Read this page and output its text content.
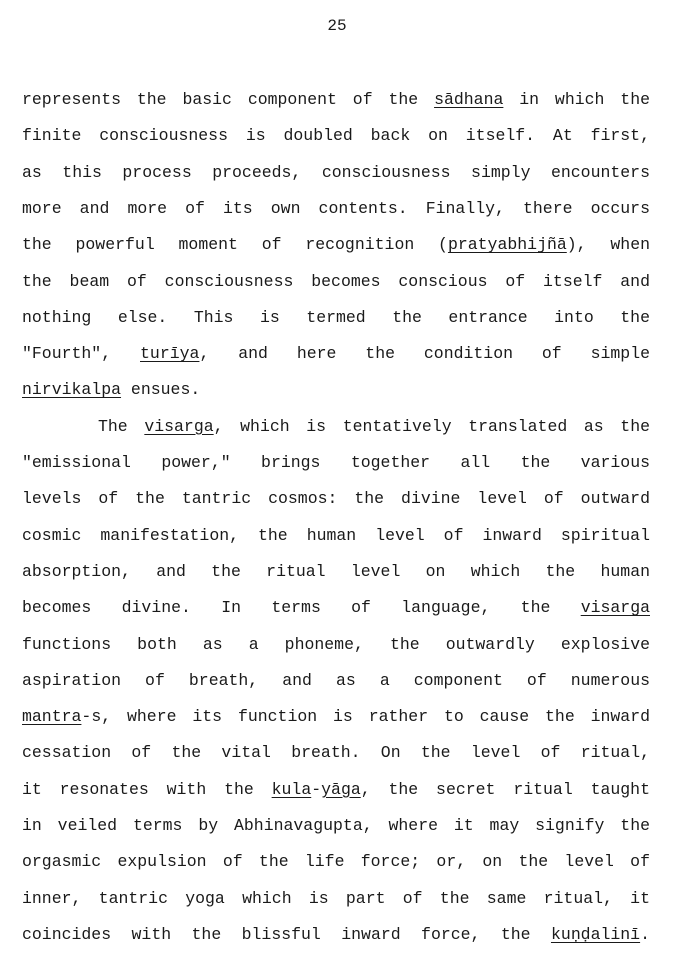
25
represents the basic component of the sādhana in which the
finite consciousness is doubled back on itself. At first,
as this process proceeds, consciousness simply encounters
more and more of its own contents. Finally, there occurs
the powerful moment of recognition (pratyabhijñā), when
the beam of consciousness becomes conscious of itself and
nothing else. This is termed the entrance into the
"Fourth", turīya, and here the condition of simple
nirvikalpa ensues.
The visarga, which is tentatively translated as the
"emissional power," brings together all the various
levels of the tantric cosmos: the divine level of outward
cosmic manifestation, the human level of inward spiritual
absorption, and the ritual level on which the human
becomes divine. In terms of language, the visarga
functions both as a phoneme, the outwardly explosive
aspiration of breath, and as a component of numerous
mantra-s, where its function is rather to cause the inward
cessation of the vital breath. On the level of ritual,
it resonates with the kula-yāga, the secret ritual taught
in veiled terms by Abhinavagupta, where it may signify the
orgasmic expulsion of the life force; or, on the level of
inner, tantric yoga which is part of the same ritual, it
coincides with the blissful inward force, the kuṇḍalinī.
